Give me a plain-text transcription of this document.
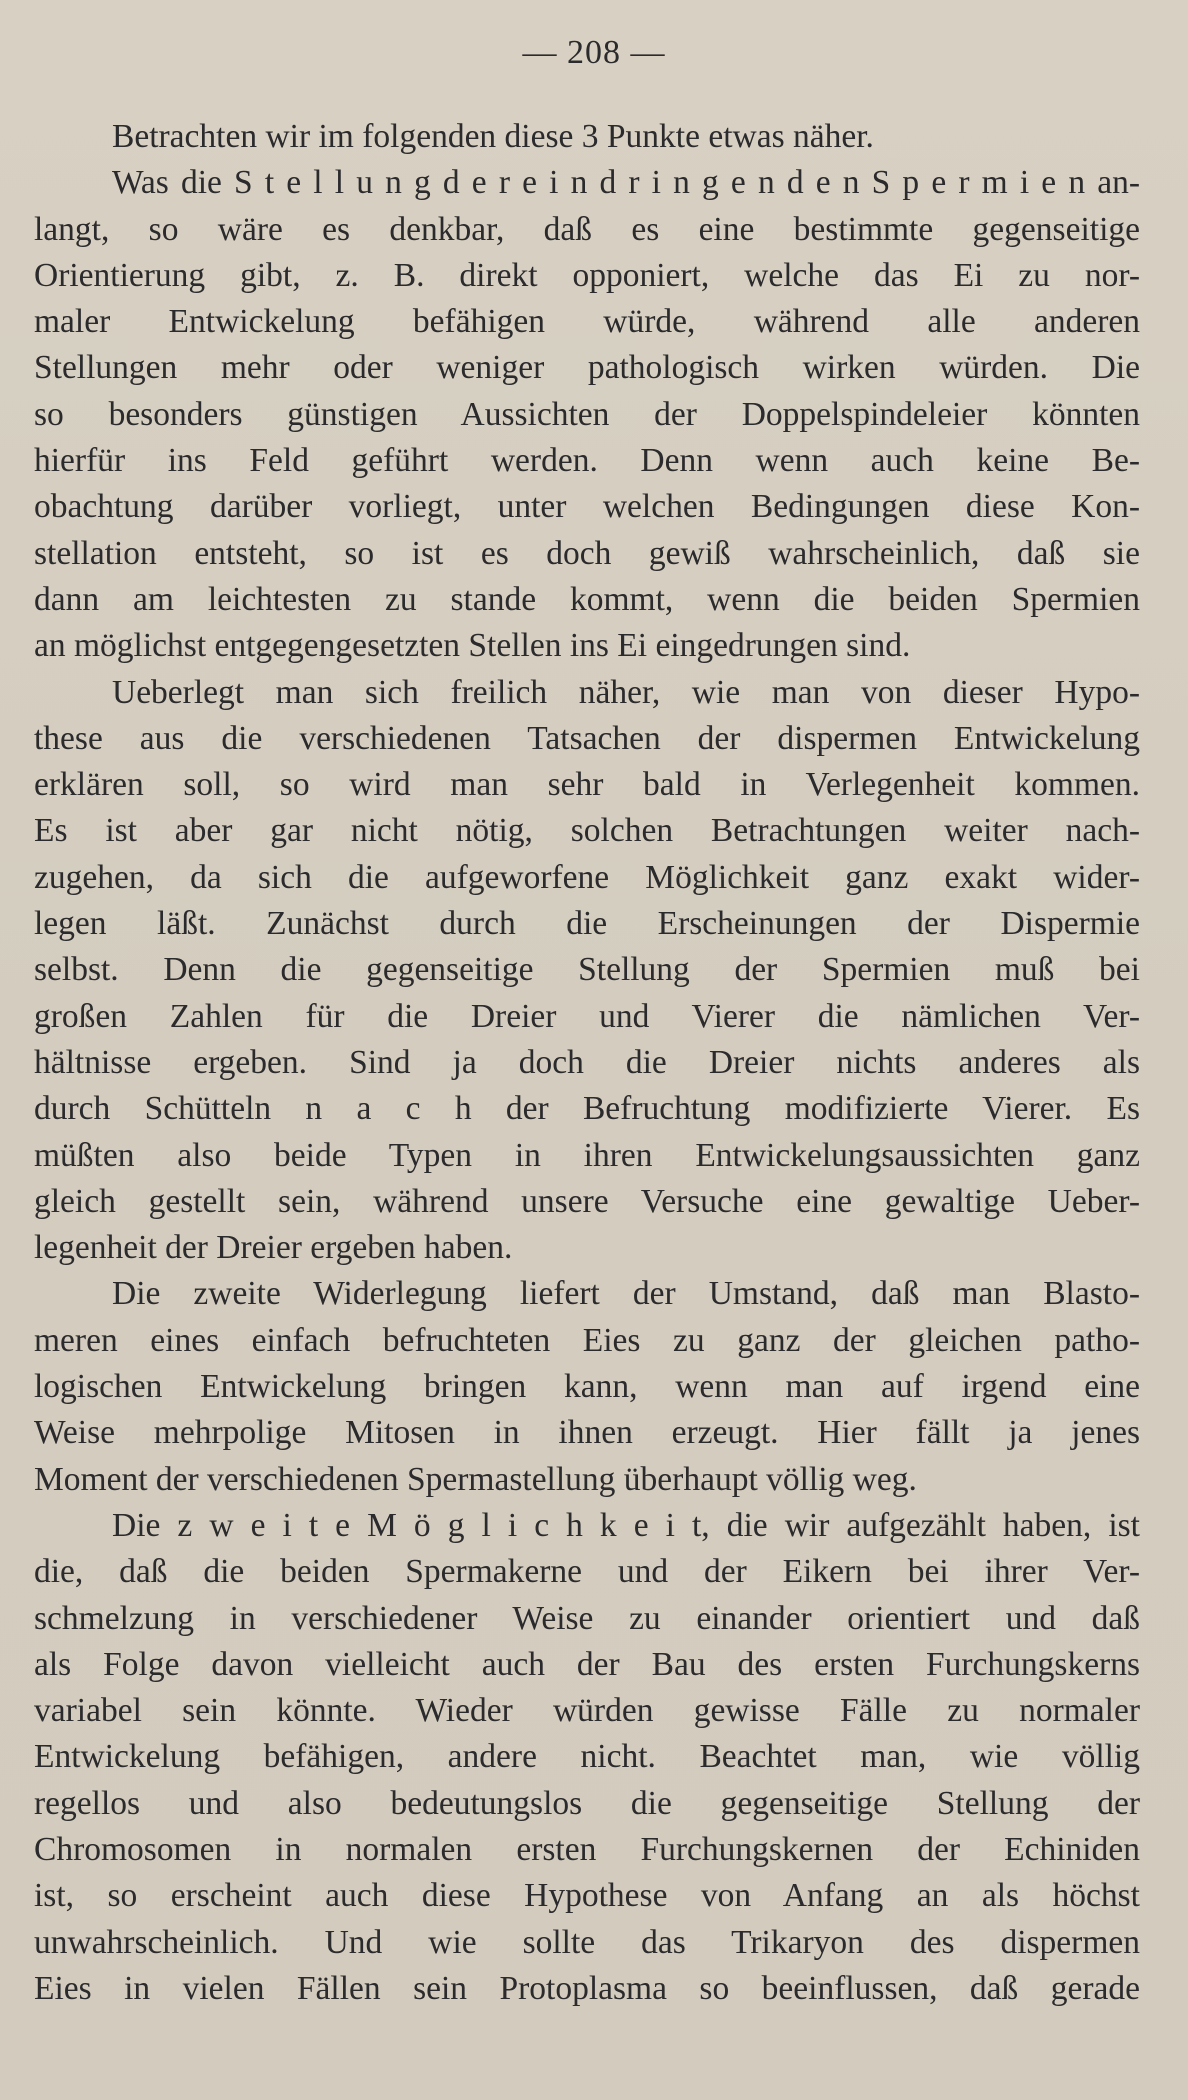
— 208 —
Betrachten wir im folgenden diese 3 Punkte etwas näher.
Was die S t e l l u n g d e r e i n d r i n g e n d e n S p e r m i e n an-
langt, so wäre es denkbar, daß es eine bestimmte gegenseitige
Orientierung gibt, z. B. direkt opponiert, welche das Ei zu nor-
maler Entwickelung befähigen würde, während alle anderen
Stellungen mehr oder weniger pathologisch wirken würden. Die
so besonders günstigen Aussichten der Doppelspindeleier könnten
hierfür ins Feld geführt werden. Denn wenn auch keine Be-
obachtung darüber vorliegt, unter welchen Bedingungen diese Kon-
stellation entsteht, so ist es doch gewiß wahrscheinlich, daß sie
dann am leichtesten zu stande kommt, wenn die beiden Spermien
an möglichst entgegengesetzten Stellen ins Ei eingedrungen sind.
Ueberlegt man sich freilich näher, wie man von dieser Hypo-
these aus die verschiedenen Tatsachen der dispermen Entwickelung
erklären soll, so wird man sehr bald in Verlegenheit kommen.
Es ist aber gar nicht nötig, solchen Betrachtungen weiter nach-
zugehen, da sich die aufgeworfene Möglichkeit ganz exakt wider-
legen läßt. Zunächst durch die Erscheinungen der Dispermie
selbst. Denn die gegenseitige Stellung der Spermien muß bei
großen Zahlen für die Dreier und Vierer die nämlichen Ver-
hältnisse ergeben. Sind ja doch die Dreier nichts anderes als
durch Schütteln n a c h der Befruchtung modifizierte Vierer. Es
müßten also beide Typen in ihren Entwickelungsaussichten ganz
gleich gestellt sein, während unsere Versuche eine gewaltige Ueber-
legenheit der Dreier ergeben haben.
Die zweite Widerlegung liefert der Umstand, daß man Blasto-
meren eines einfach befruchteten Eies zu ganz der gleichen patho-
logischen Entwickelung bringen kann, wenn man auf irgend eine
Weise mehrpolige Mitosen in ihnen erzeugt. Hier fällt ja jenes
Moment der verschiedenen Spermastellung überhaupt völlig weg.
Die z w e i t e M ö g l i c h k e i t, die wir aufgezählt haben, ist
die, daß die beiden Spermakerne und der Eikern bei ihrer Ver-
schmelzung in verschiedener Weise zu einander orientiert und daß
als Folge davon vielleicht auch der Bau des ersten Furchungskerns
variabel sein könnte. Wieder würden gewisse Fälle zu normaler
Entwickelung befähigen, andere nicht. Beachtet man, wie völlig
regellos und also bedeutungslos die gegenseitige Stellung der
Chromosomen in normalen ersten Furchungskernen der Echiniden
ist, so erscheint auch diese Hypothese von Anfang an als höchst
unwahrscheinlich. Und wie sollte das Trikaryon des dispermen
Eies in vielen Fällen sein Protoplasma so beeinflussen, daß gerade
